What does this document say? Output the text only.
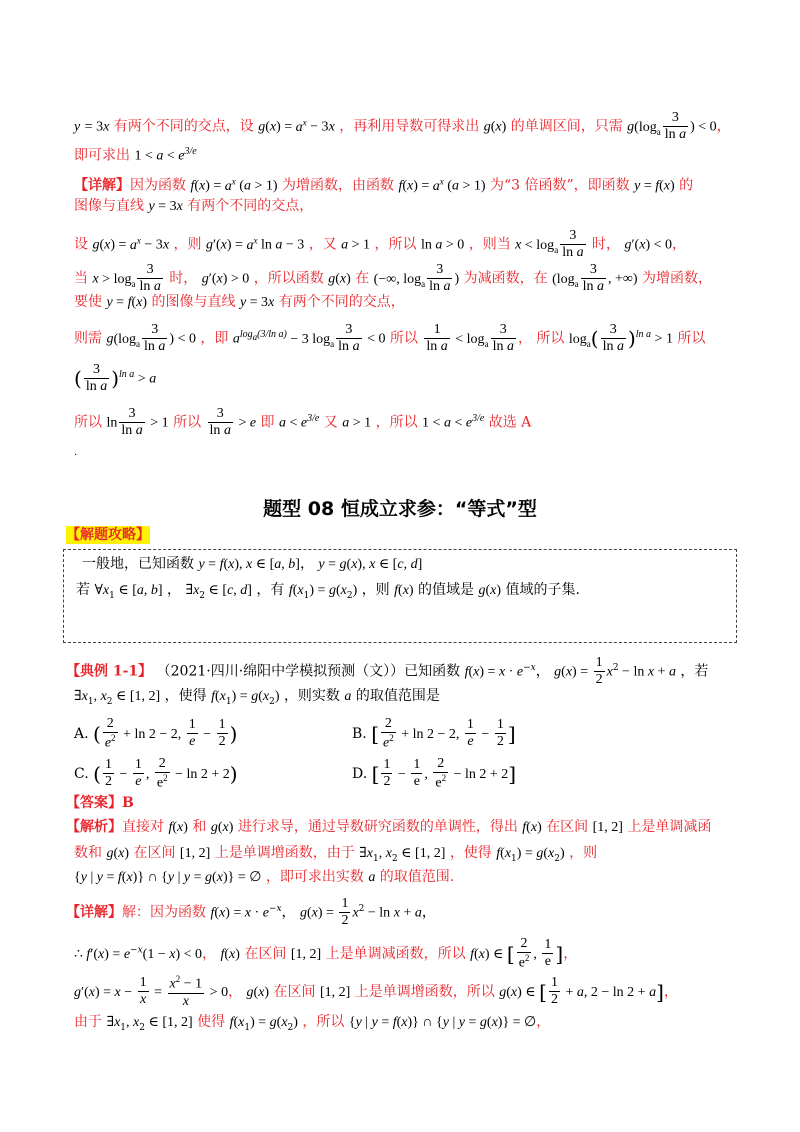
y = 3x 有两个不同的交点，设 $g(x) = a^x - 3x$ ，再利用导数可得求出 g(x) 的单调区间，只需 $g(\log_a \frac{3}{\text{ln a}}$ ) < 0，
即可求出 $1 < a < e^{3/e}$
【详解】因为函数 $f(x) = a^x$ (a > 1) 为增函数，由函数 $f(x) = a^x$ (a > 1) 为“3 倍函数”，即函数 y = f(x) 的
图像与直线 y = 3x 有两个不同的交点，
设 $g(x) = a^x - 3x$ ，则 $g'(x) = a^x$ ln a − 3 ，又 a > 1 ，所以 ln a > 0 ，则当 $x < \log_a \frac{3}{\text{ln a}}$ 时， g′(x) < 0，
当 $x > \log_a \frac{3}{\text{ln a}}$ 时， g′(x) > 0 ，所以函数 g(x) 在 (−∞, $\log_a \frac{3}{\text{ln a}}$ ) 为减函数，在 ($\log_a \frac{3}{\text{ln a}}$ , +∞) 为增函数，
要使 y = f(x) 的图像与直线 y = 3x 有两个不同的交点，
则需 $g(\log_a \frac{3}{\text{ln a}}$ ) < 0 ，即 $a^{log_a(3/ln a)} - 3$ $\log_a \frac{3}{\text{ln a}} < 0$ 所以 $\frac{1}{\text{ln a}} < \log_a \frac{3}{\text{ln a}}$ ， 所以 $\log_a( \frac{3}{\text{ln a}} )^{ln a} > 1$ 所以
( $\frac{3}{\text{ln a}} )^{ln a} > a$
所以 $\ln \frac{3}{\text{ln a}} > 1$ 所以 $\frac{3}{\text{ln a}} > e$ 即 $a < e^{3/e}$ 又 a > 1 ，所以 $1 < a < e^{3/e}$ 故选 A
.
题型 08 恒成立求参：“等式”型
【解题攻略】
一般地，已知函数 y = f(x), x ∈ [a, b]， y = g(x), x ∈ [c, d]
若 $\forall x_1$ ∈ [a, b] ， $\exists x_2$ ∈ [c, d] ，有 $f(x_1) = g(x_2)$ ，则 f(x) 的值域是 g(x) 值域的子集.
【典例 1-1】 （2021·四川·绵阳中学模拟预测（文））已知函数 $f(x) = x \cdot e^{-x}$， $g(x) = \frac{1}{2} x^2 - \ln x + a$ ，若
$\exists x_1$, $x_2$ ∈ [1, 2] ，使得 $f(x_1) = g(x_2)$ ，则实数 a 的取值范围是
A. ( $\frac{2}{e^2} + \ln 2 - 2$, $\frac{1}{e} - \frac{1}{2}$ )	B. [ $\frac{2}{e^2} + \ln 2 - 2$, $\frac{1}{e} - \frac{1}{2}$ ]
C. ( $\frac{1}{2} - \frac{1}{e}$ , $\frac{2}{e^2} - \ln 2 + 2$)	D. [ $\frac{1}{2} - \frac{1}{e}$ , $\frac{2}{e^2} - \ln 2 + 2$]
【答案】B
【解析】直接对 f(x) 和 g(x) 进行求导，通过导数研究函数的单调性，得出 f(x) 在区间 [1, 2] 上是单调减函
数和 g(x) 在区间 [1, 2] 上是单调增函数，由于 $\exists x_1$, $x_2$ ∈ [1, 2] ，使得 $f(x_1) = g(x_2)$ ，则
{y | y = f(x)} ∩ {y | y = g(x)} = ∅ ，即可求出实数 a 的取值范围.
【详解】解：因为函数 $f(x) = x \cdot e^{-x}$， $g(x) = \frac{1}{2} x^2 - \ln x + a$，
∴ $f'(x) = e^{-x}(1 - x) < 0$， f(x) 在区间 [1, 2] 上是单调减函数，所以 f(x) ∈ [ $\frac{2}{e^2}$ , $\frac{1}{e}$ ]，
$g'(x) = x - \frac{1}{x} = \frac{x^2 - 1}{x} > 0$， g(x) 在区间 [1, 2] 上是单调增函数，所以 g(x) ∈ [ $\frac{1}{2} + a$, 2 − ln 2 + a]，
由于 $\exists x_1$, $x_2$ ∈ [1, 2] 使得 $f(x_1) = g(x_2)$ ，所以 {y | y = f(x)} ∩ {y | y = g(x)} = ∅，
